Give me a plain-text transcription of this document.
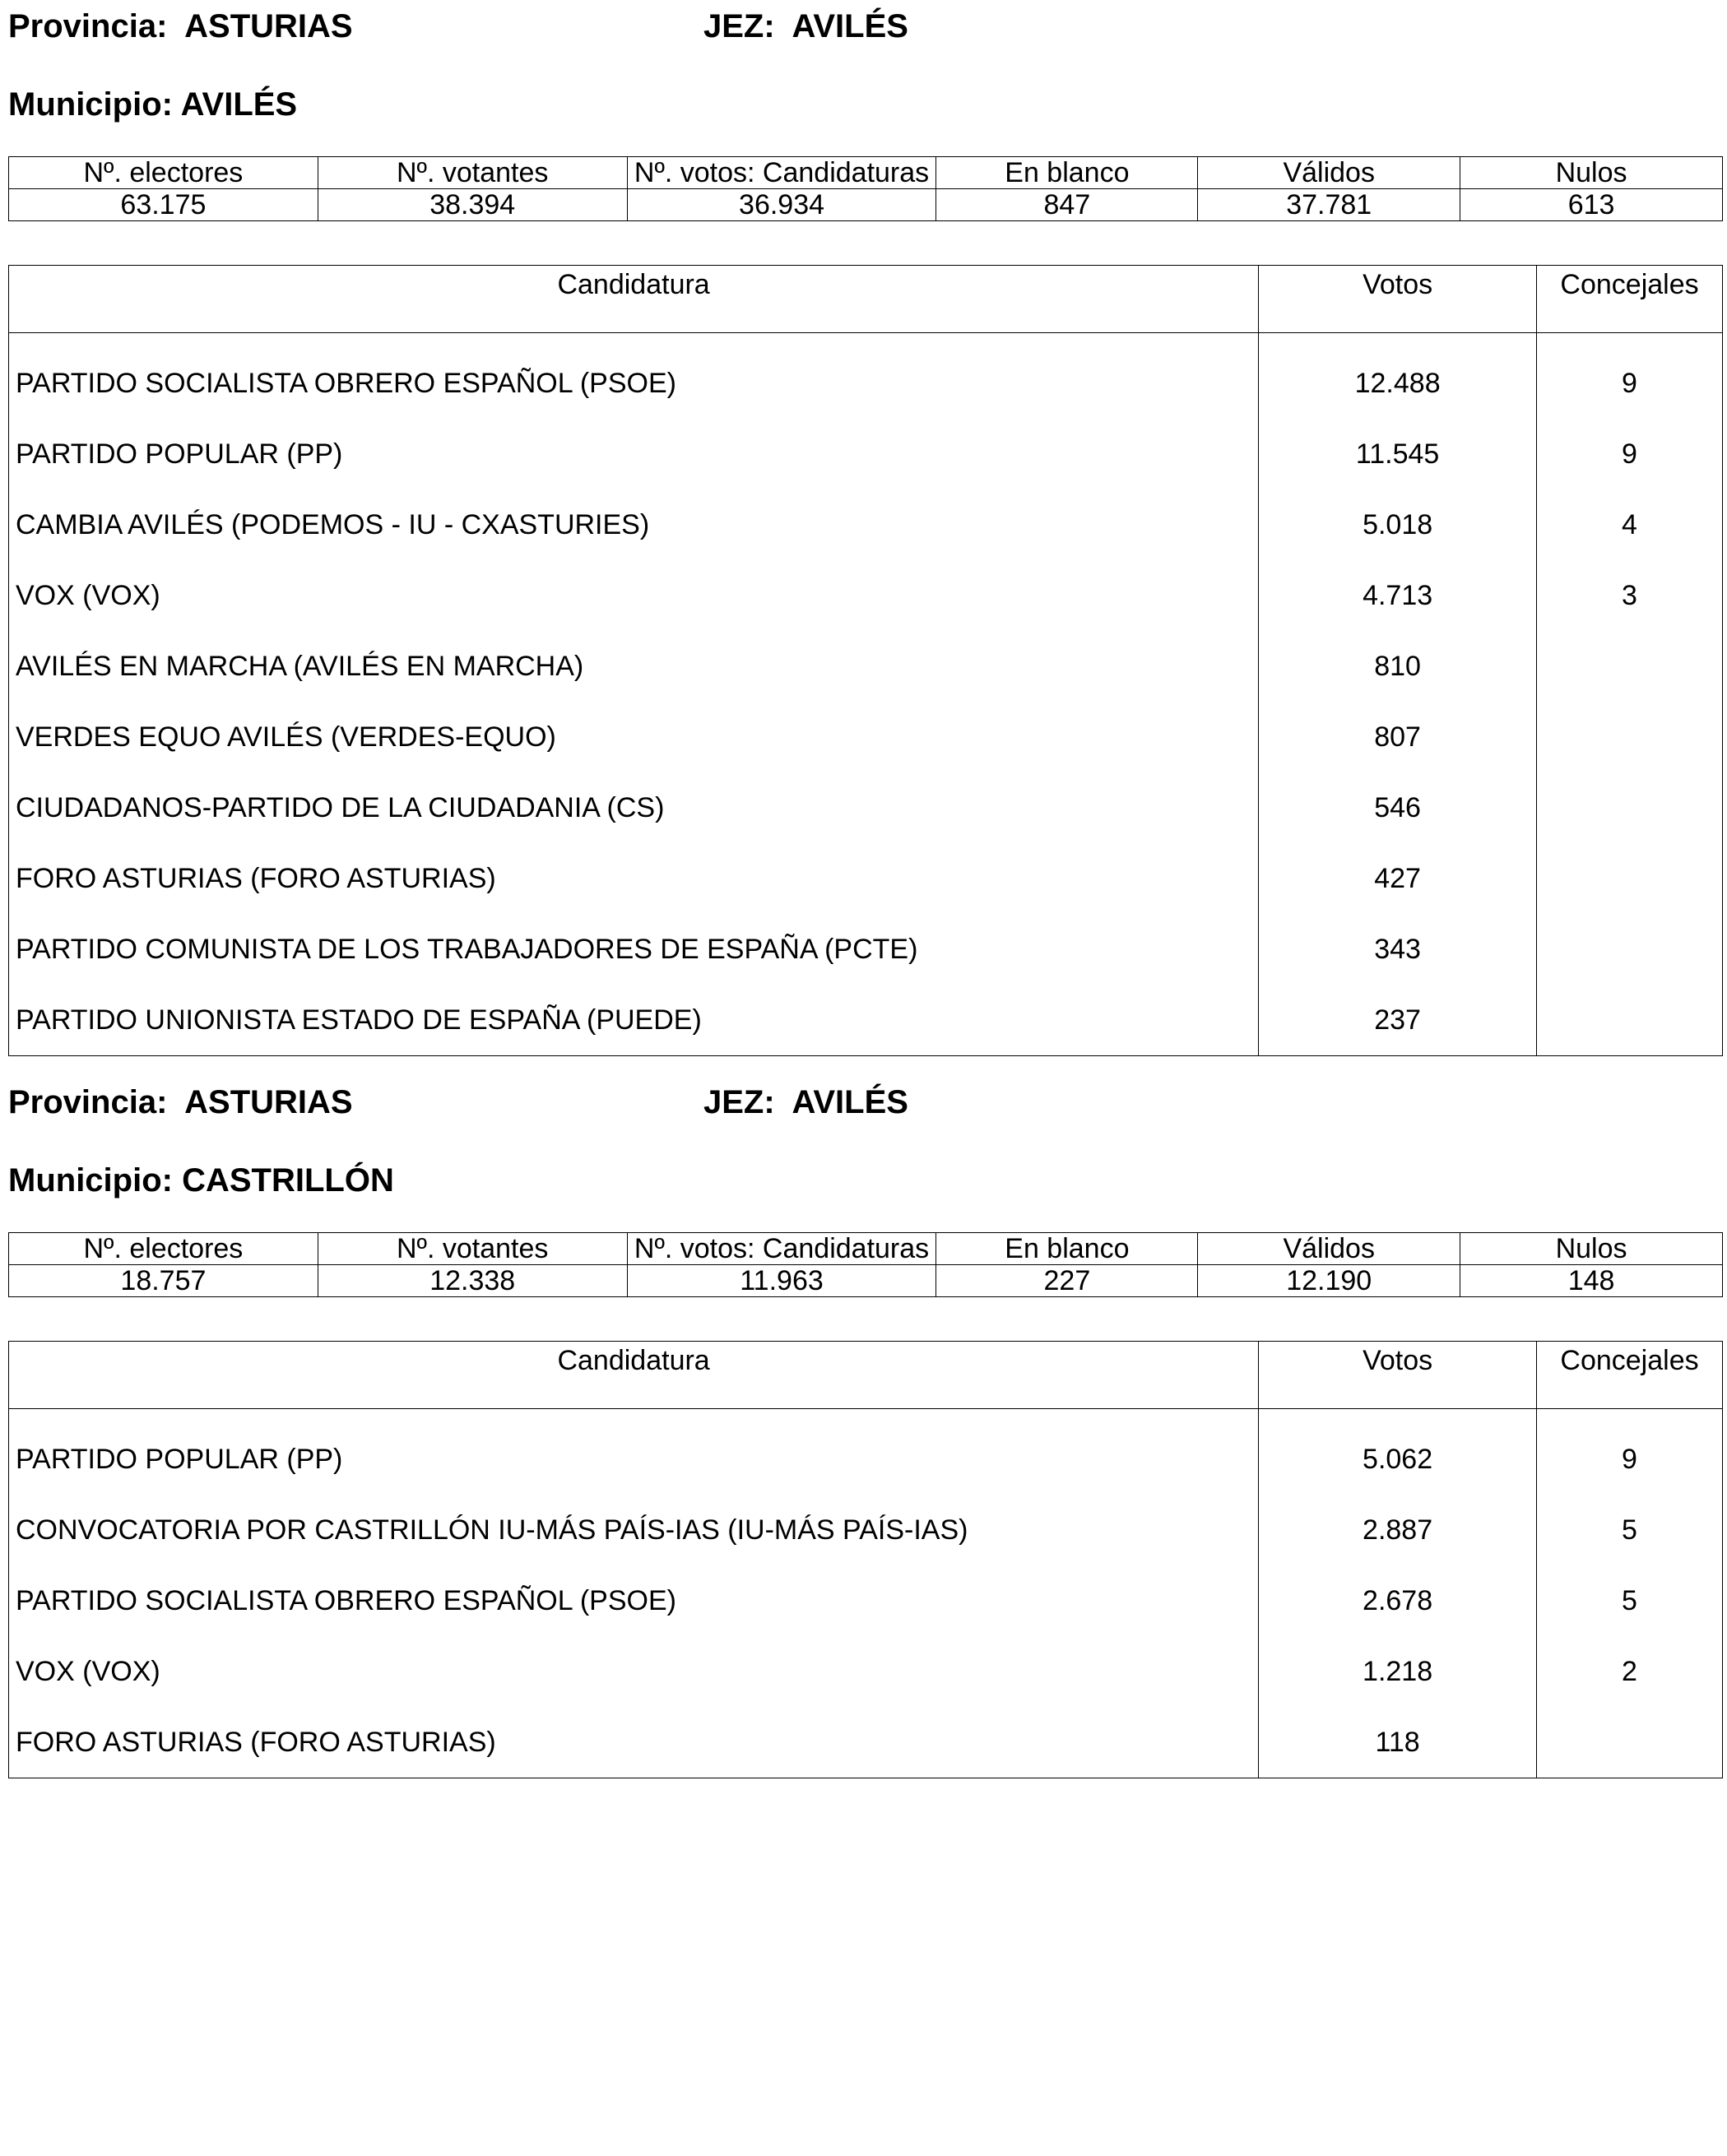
Provincia: ASTURIAS	JEZ: AVILÉS
Municipio: AVILÉS
Nº. electores	Nº. votantes	Nº. votos: Candidaturas	En blanco	Válidos	Nulos
63.175	38.394	36.934	847	37.781	613
Candidatura	Votos	Concejales
PARTIDO SOCIALISTA OBRERO ESPAÑOL (PSOE)	12.488	9
PARTIDO POPULAR (PP)	11.545	9
CAMBIA AVILÉS (PODEMOS - IU - CXASTURIES)	5.018	4
VOX (VOX)	4.713	3
AVILÉS EN MARCHA (AVILÉS EN MARCHA)	810	
VERDES EQUO AVILÉS (VERDES-EQUO)	807	
CIUDADANOS-PARTIDO DE LA CIUDADANIA (CS)	546	
FORO ASTURIAS (FORO ASTURIAS)	427	
PARTIDO COMUNISTA DE LOS TRABAJADORES DE ESPAÑA (PCTE)	343	
PARTIDO UNIONISTA ESTADO DE ESPAÑA (PUEDE)	237	
Provincia: ASTURIAS	JEZ: AVILÉS
Municipio: CASTRILLÓN
Nº. electores	Nº. votantes	Nº. votos: Candidaturas	En blanco	Válidos	Nulos
18.757	12.338	11.963	227	12.190	148
Candidatura	Votos	Concejales
PARTIDO POPULAR (PP)	5.062	9
CONVOCATORIA POR CASTRILLÓN IU-MÁS PAÍS-IAS (IU-MÁS PAÍS-IAS)	2.887	5
PARTIDO SOCIALISTA OBRERO ESPAÑOL (PSOE)	2.678	5
VOX (VOX)	1.218	2
FORO ASTURIAS (FORO ASTURIAS)	118	
